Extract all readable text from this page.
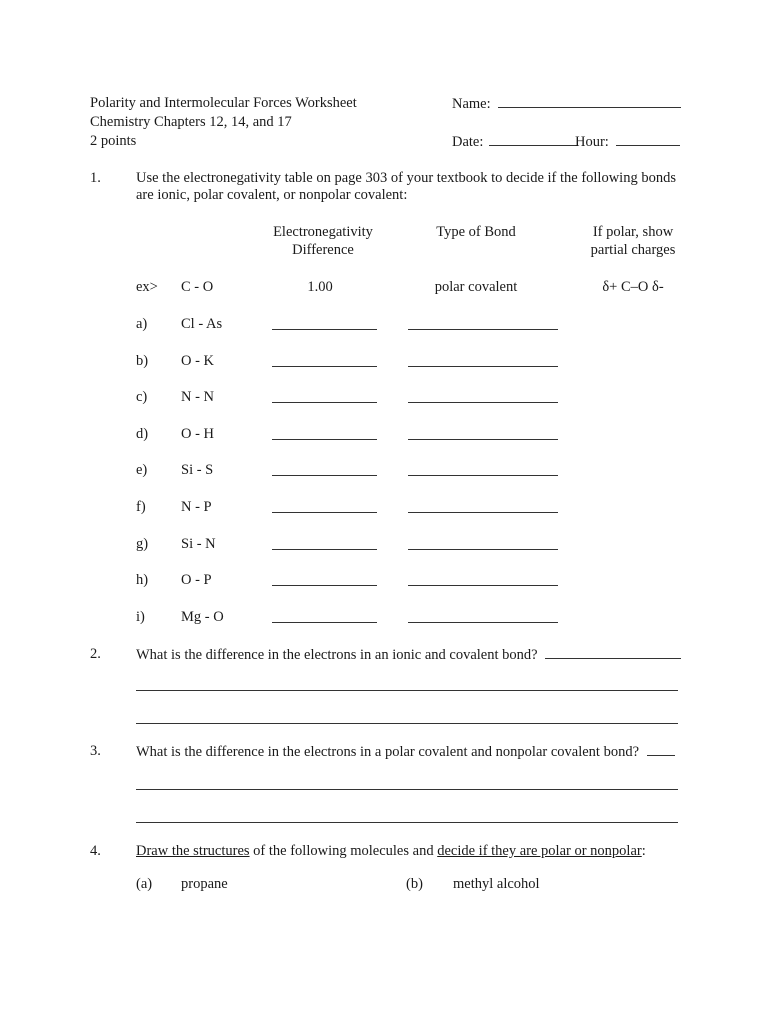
Polarity and Intermolecular Forces Worksheet
Chemistry Chapters 12, 14, and 17
2 points
Name:
Date:	Hour:
1. Use the electronegativity table on page 303 of your textbook to decide if the following bonds
are ionic, polar covalent, or nonpolar covalent:
Electronegativity
Difference
Type of Bond	If polar, show
partial charges
ex> C - O	1.00	polar covalent	δ+ C–O δ-
a) Cl - As
b) O - K
c) N - N
d) O - H
e) Si - S
f) N - P
g) Si - N
h) O - P
i) Mg - O
2. What is the difference in the electrons in an ionic and covalent bond?
3. What is the difference in the electrons in a polar covalent and nonpolar covalent bond?
4. Draw the structures of the following molecules and decide if they are polar or nonpolar:
(a) propane	(b) methyl alcohol
